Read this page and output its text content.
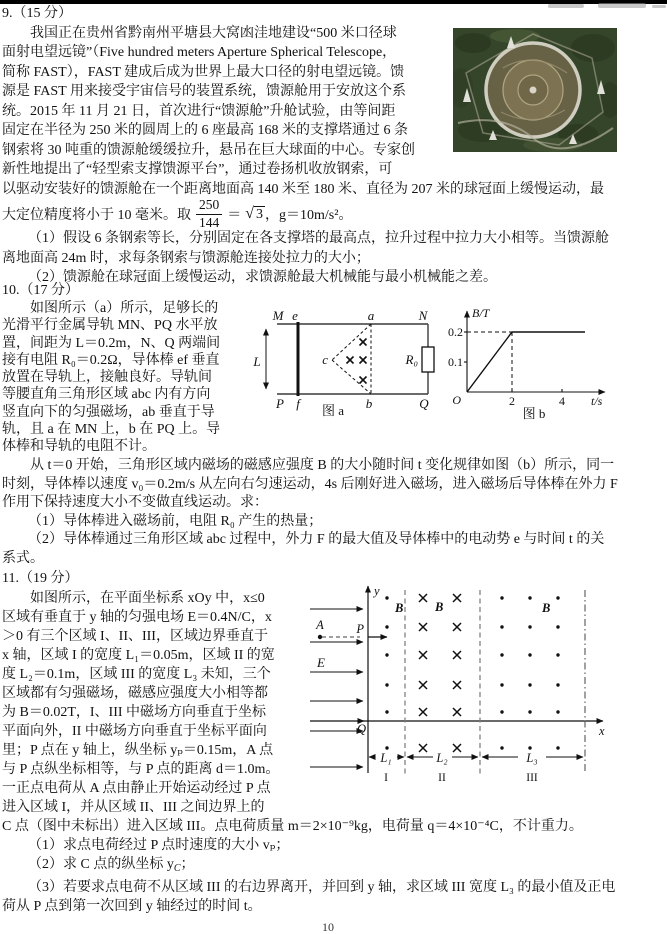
9.（15 分）
我国正在贵州省黔南州平塘县大窝凼洼地建设“500 米口径球
面射电望远镜”（Five hundred meters Aperture Spherical Telescope，
简称 FAST），FAST 建成后成为世界上最大口径的射电望远镜。馈
源是 FAST 用来接受宇宙信号的装置系统，馈源舱用于安放这个系
统。2015 年 11 月 21 日，首次进行“馈源舱”升舱试验，由等间距
固定在半径为 250 米的圆周上的 6 座最高 168 米的支撑塔通过 6 条
钢索将 30 吨重的馈源舱缓缓拉升，悬吊在巨大球面的中心。专家创
新性地提出了“轻型索支撑馈源平台”，通过卷扬机收放钢索，可
以驱动安装好的馈源舱在一个距离地面高 140 米至 180 米、直径为 207 米的球冠面上缓慢运动，最
大定位精度将小于 10 毫米。取 $\frac{250}{144}$ ＝ √ 3 ，g＝10m/s²。
（1）假设 6 条钢索等长，分别固定在各支撑塔的最高点，拉升过程中拉力大小相等。当馈源舱
离地面高 24m 时，求每条钢索与馈源舱连接处拉力的大小；
（2）馈源舱在球冠面上缓慢运动，求馈源舱最大机械能与最小机械能之差。
10.（17 分）
如图所示（a）所示，足够长的
光滑平行金属导轨 MN、PQ 水平放
置，间距为 L＝0.2m，N、Q 两端间
接有电阻 R₀＝0.2Ω，导体棒 ef 垂直
放置在导轨上，接触良好。导轨间
等腰直角三角形区域 abc 内有方向
竖直向下的匀强磁场，ab 垂直于导
轨，且 a 在 MN 上，b 在 PQ 上。导
体棒和导轨的电阻不计。
从 t＝0 开始，三角形区域内磁场的磁感应强度 B 的大小随时间 t 变化规律如图（b）所示，同一
时刻，导体棒以速度 v₀＝0.2m/s 从左向右匀速运动，4s 后刚好进入磁场，进入磁场后导体棒在外力 F
作用下保持速度大小不变做直线运动。求：
（1）导体棒进入磁场前，电阻 R₀ 产生的热量；
（2）导体棒通过三角形区域 abc 过程中，外力 F 的最大值及导体棒中的电动势 e 与时间 t 的关
系式。
M e	a	N
P f	b	Q
c
L	R₀
图 a
B/T
0.2
0.1
O	2	4 t/s
图 b
11.（19 分）
如图所示，在平面坐标系 xOy 中，x≤0
区域有垂直于 y 轴的匀强电场 E＝0.4N/C，x
＞0 有三个区域 I、II、III，区域边界垂直于
x 轴，区域 I 的宽度 L₁＝0.05m，区域 II 的宽
度 L₂＝0.1m，区域 III 的宽度 L₃ 未知，三个
区域都有匀强磁场，磁感应强度大小相等都
为 B＝0.02T，I、III 中磁场方向垂直于坐标
平面向外，II 中磁场方向垂直于坐标平面向
里；P 点在 y 轴上，纵坐标 yₚ＝0.15m，A 点
与 P 点纵坐标相等，与 P 点的距离 d＝1.0m。
一正点电荷从 A 点由静止开始运动经过 P 点
进入区域 I，并从区域 II、III 之间边界上的
C 点（图中未标出）进入区域 III。点电荷质量 m＝2×10⁻⁹kg，电荷量 q＝4×10⁻⁴C，不计重力。
（1）求点电荷经过 P 点时速度的大小 vₚ；
（2）求 C 点的纵坐标 $y_C$；
（3）若要求点电荷不从区域 III 的右边界离开，并回到 y 轴，求区域 III 宽度 L₃ 的最小值及正电
荷从 P 点到第一次回到 y 轴经过的时间 t。
y
x
A	P
E
Q
B	B	B
L₁	L₂	L₃
I	II	III
10
